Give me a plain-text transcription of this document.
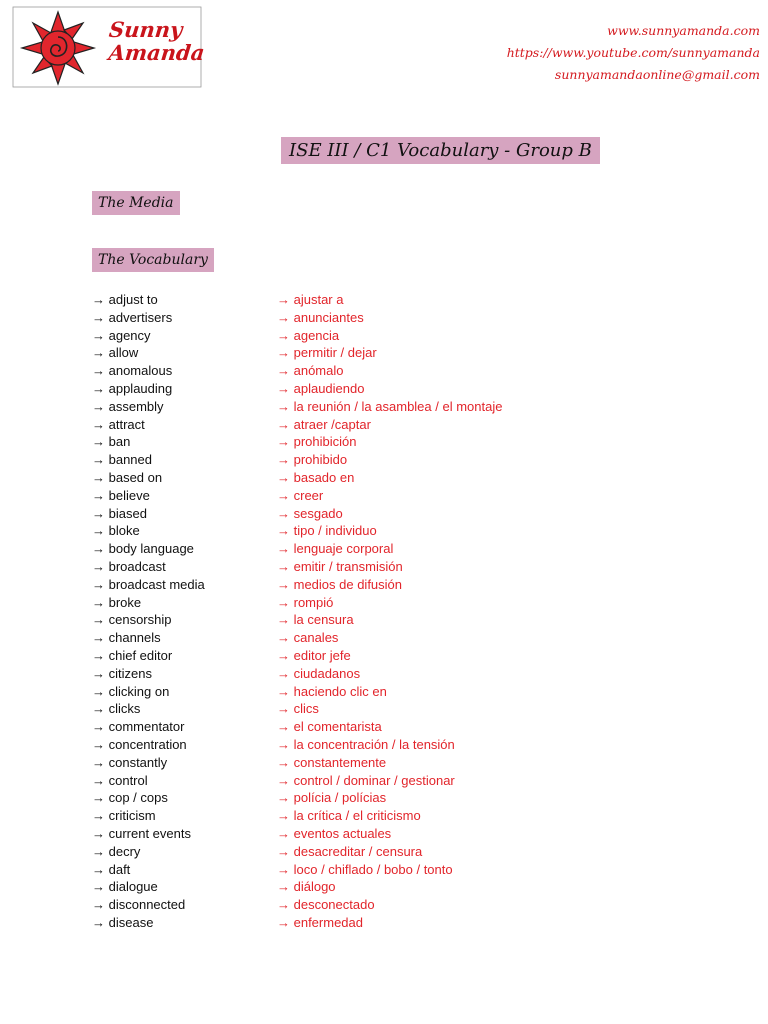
Sunny
Amanda
www.sunnyamanda.com
https://www.youtube.com/sunnyamanda
sunnyamandaonline@gmail.com
ISE III / C1 Vocabulary - Group B
The Media
The Vocabulary
→ adjust to	→ ajustar a
→ advertisers	→ anunciantes
→ agency	→ agencia
→ allow	→ permitir / dejar
→ anomalous	→ anómalo
→ applauding	→ aplaudiendo
→ assembly	→ la reunión / la asamblea / el montaje
→ attract	→ atraer /captar
→ ban	→ prohibición
→ banned	→ prohibido
→ based on	→ basado en
→ believe	→ creer
→ biased	→ sesgado
→ bloke	→ tipo / individuo
→ body language	→ lenguaje corporal
→ broadcast	→ emitir / transmisión
→ broadcast media	→ medios de difusión
→ broke	→ rompió
→ censorship	→ la censura
→ channels	→ canales
→ chief editor	→ editor jefe
→ citizens	→ ciudadanos
→ clicking on	→ haciendo clic en
→ clicks	→ clics
→ commentator	→ el comentarista
→ concentration	→ la concentración / la tensión
→ constantly	→ constantemente
→ control	→ control / dominar / gestionar
→ cop / cops	→ polícia / polícias
→ criticism	→ la crítica / el criticismo
→ current events	→ eventos actuales
→ decry	→ desacreditar / censura
→ daft	→ loco / chiflado / bobo / tonto
→ dialogue	→ diálogo
→ disconnected	→ desconectado
→ disease	→ enfermedad
